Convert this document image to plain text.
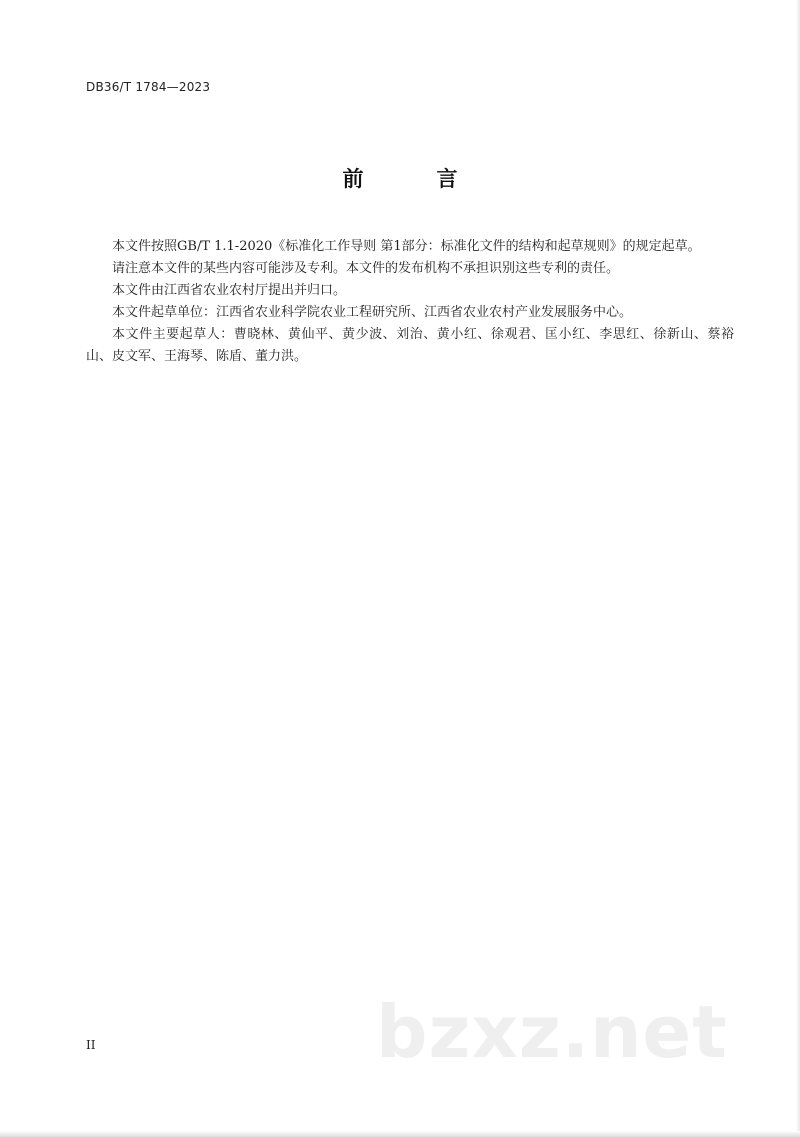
DB36/T 1784—2023
前　言

本文件按照GB/T 1.1-2020《标准化工作导则 第1部分：标准化文件的结构和起草规则》的规定起草。

请注意本文件的某些内容可能涉及专利。本文件的发布机构不承担识别这些专利的责任。

本文件由江西省农业农村厅提出并归口。

本文件起草单位：江西省农业科学院农业工程研究所、江西省农业农村产业发展服务中心。

本文件主要起草人：曹晓林、黄仙平、黄少波、刘治、黄小红、徐观君、匡小红、李思红、徐新山、蔡裕山、皮文军、王海琴、陈盾、董力洪。

II	bzxz.net
